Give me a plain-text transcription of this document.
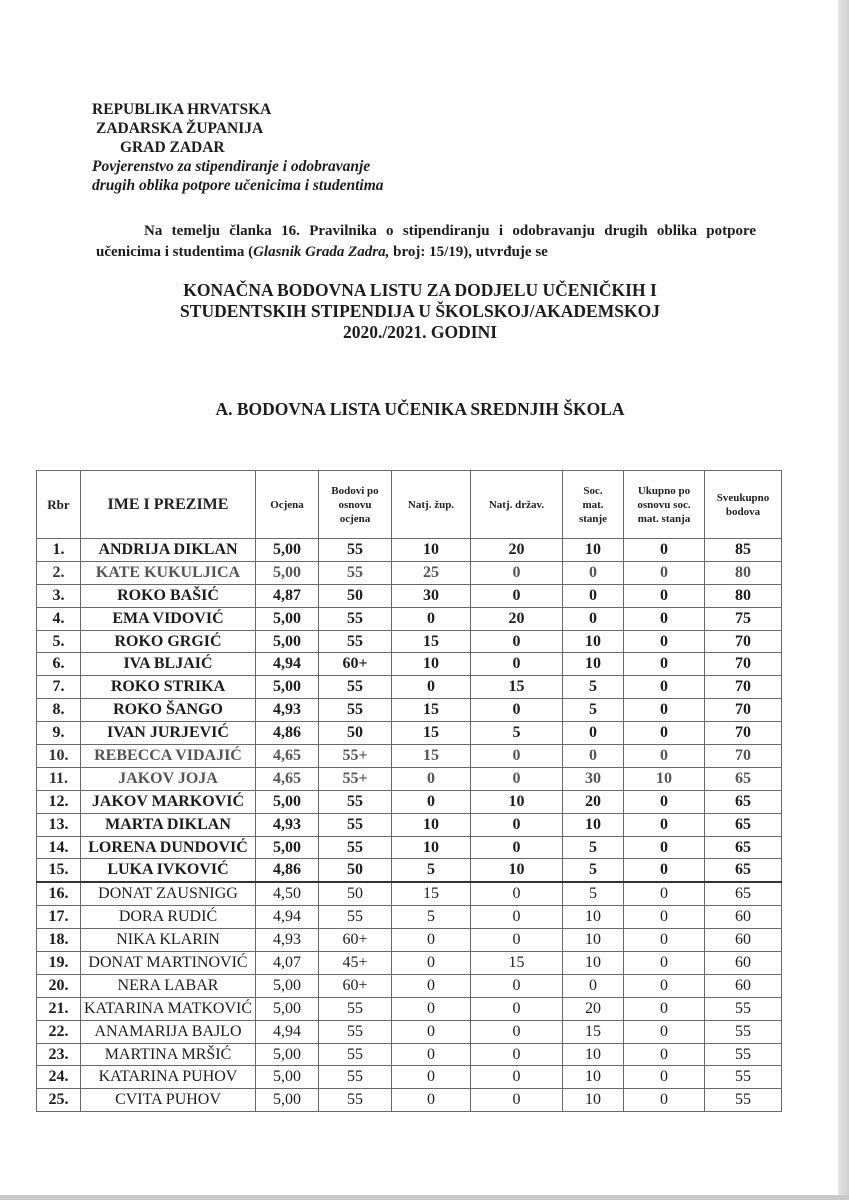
REPUBLIKA HRVATSKA
ZADARSKA ŽUPANIJA
GRAD ZADAR
Povjerenstvo za stipendiranje i odobravanje
drugih oblika potpore učenicima i studentima
Na temelju članka 16. Pravilnika o stipendiranju i odobravanju drugih oblika potpore učenicima i studentima (Glasnik Grada Zadra, broj: 15/19), utvrđuje se
KONAČNA BODOVNA LISTU ZA DODJELU UČENIČKIH I
STUDENTSKIH STIPENDIJA U ŠKOLSKOJ/AKADEMSKOJ
2020./2021. GODINI
A. BODOVNA LISTA UČENIKA SREDNJIH ŠKOLA
Rbr	IME I PREZIME	Ocjena	Bodovi po
osnovu
ocjena	Natj. žup.	Natj. držav.	Soc.
mat.
stanje	Ukupno po
osnovu soc.
mat. stanja	Sveukupno
bodova
1.	ANDRIJA DIKLAN	5,00	55	10	20	10	0	85
2.	KATE KUKULJICA	5,00	55	25	0	0	0	80
3.	ROKO BAŠIĆ	4,87	50	30	0	0	0	80
4.	EMA VIDOVIĆ	5,00	55	0	20	0	0	75
5.	ROKO GRGIĆ	5,00	55	15	0	10	0	70
6.	IVA BLJAIĆ	4,94	60+	10	0	10	0	70
7.	ROKO STRIKA	5,00	55	0	15	5	0	70
8.	ROKO ŠANGO	4,93	55	15	0	5	0	70
9.	IVAN JURJEVIĆ	4,86	50	15	5	0	0	70
10.	REBECCA VIDAJIĆ	4,65	55+	15	0	0	0	70
11.	JAKOV JOJA	4,65	55+	0	0	30	10	65
12.	JAKOV MARKOVIĆ	5,00	55	0	10	20	0	65
13.	MARTA DIKLAN	4,93	55	10	0	10	0	65
14.	LORENA DUNDOVIĆ	5,00	55	10	0	5	0	65
15.	LUKA IVKOVIĆ	4,86	50	5	10	5	0	65
16.	DONAT ZAUSNIGG	4,50	50	15	0	5	0	65
17.	DORA RUDIĆ	4,94	55	5	0	10	0	60
18.	NIKA KLARIN	4,93	60+	0	0	10	0	60
19.	DONAT MARTINOVIĆ	4,07	45+	0	15	10	0	60
20.	NERA LABAR	5,00	60+	0	0	0	0	60
21.	KATARINA MATKOVIĆ	5,00	55	0	0	20	0	55
22.	ANAMARIJA BAJLO	4,94	55	0	0	15	0	55
23.	MARTINA MRŠIĆ	5,00	55	0	0	10	0	55
24.	KATARINA PUHOV	5,00	55	0	0	10	0	55
25.	CVITA PUHOV	5,00	55	0	0	10	0	55
